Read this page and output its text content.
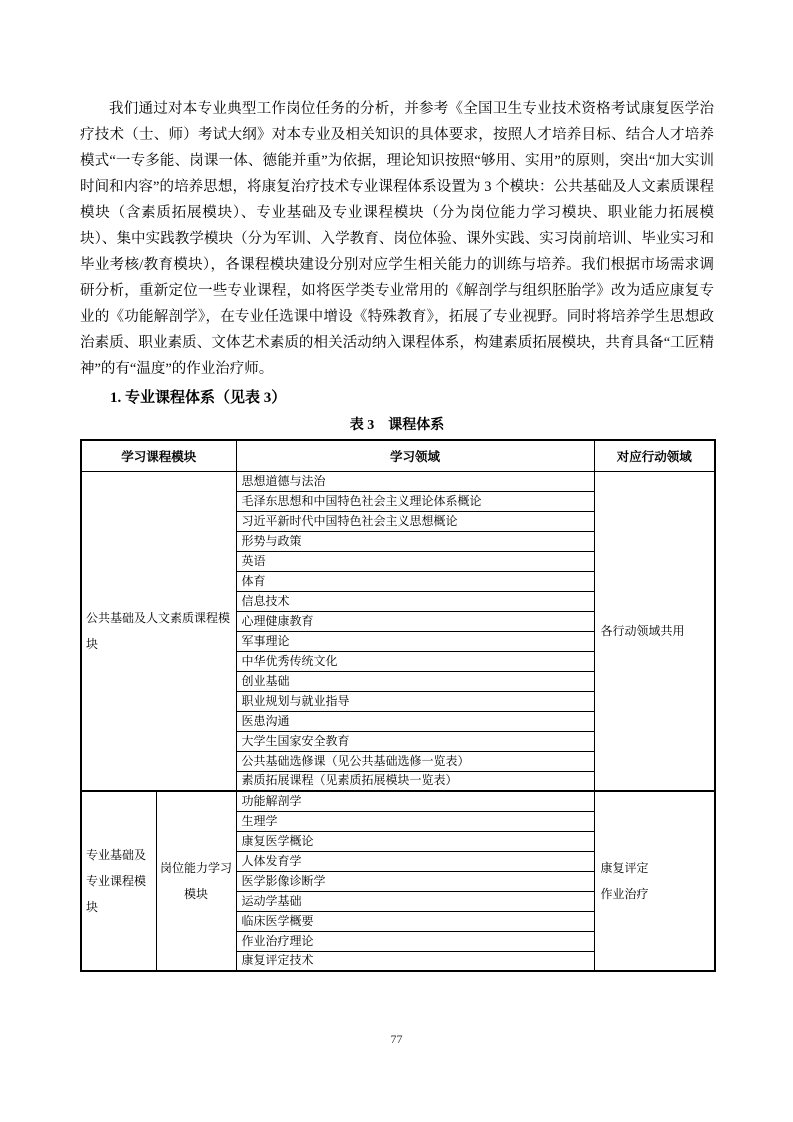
我们通过对本专业典型工作岗位任务的分析，并参考《全国卫生专业技术资格考试康复医学治疗技术（士、师）考试大纲》对本专业及相关知识的具体要求，按照人才培养目标、结合人才培养模式“一专多能、岗课一体、德能并重”为依据，理论知识按照“够用、实用”的原则，突出“加大实训时间和内容”的培养思想，将康复治疗技术专业课程体系设置为 3 个模块：公共基础及人文素质课程模块（含素质拓展模块）、专业基础及专业课程模块（分为岗位能力学习模块、职业能力拓展模块）、集中实践教学模块（分为军训、入学教育、岗位体验、课外实践、实习岗前培训、毕业实习和毕业考核/教育模块），各课程模块建设分别对应学生相关能力的训练与培养。我们根据市场需求调研分析，重新定位一些专业课程，如将医学类专业常用的《解剖学与组织胚胎学》改为适应康复专业的《功能解剖学》，在专业任选课中增设《特殊教育》，拓展了专业视野。同时将培养学生思想政治素质、职业素质、文体艺术素质的相关活动纳入课程体系，构建素质拓展模块，共育具备“工匠精神”的有“温度”的作业治疗师。

1. 专业课程体系（见表 3）
表 3　课程体系
学习课程模块		学习领域	对应行动领域
公共基础及人文素质课程模块		思想道德与法治	各行动领域共用
		毛泽东思想和中国特色社会主义理论体系概论	
		习近平新时代中国特色社会主义思想概论	
		形势与政策	
		英语	
		体育	
		信息技术	
		心理健康教育	
		军事理论	
		中华优秀传统文化	
		创业基础	
		职业规划与就业指导	
		医患沟通	
		大学生国家安全教育	
		公共基础选修课（见公共基础选修一览表）	
		素质拓展课程（见素质拓展模块一览表）	
专业基础及专业课程模块	岗位能力学习模块	功能解剖学	康复评定
作业治疗

		生理学	
		康复医学概论	
		人体发育学	
		医学影像诊断学	
		运动学基础	
		临床医学概要	
		作业治疗理论	
		康复评定技术	
77
